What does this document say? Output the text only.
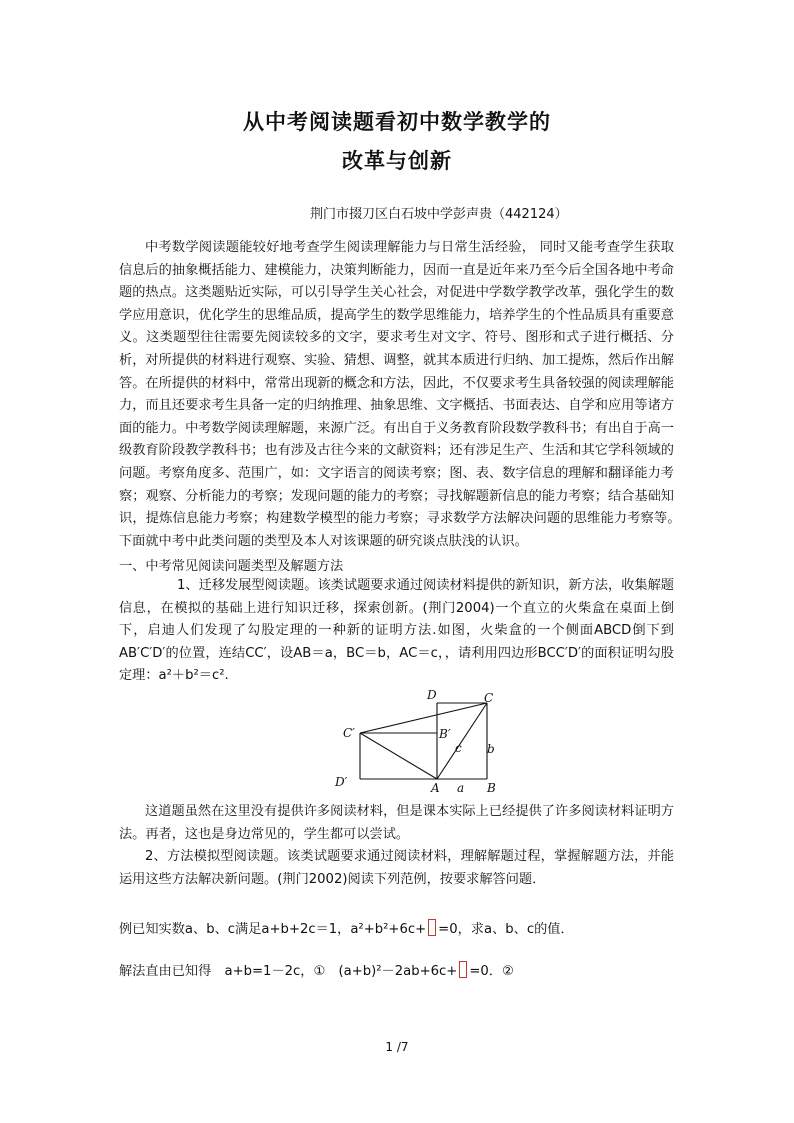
从中考阅读题看初中数学教学的
改革与创新
荆门市掇刀区白石坡中学彭声贵（442124）

中考数学阅读题能较好地考查学生阅读理解能力与日常生活经验， 同时又能考查学生获取信息后的抽象概括能力、建模能力，决策判断能力，因而一直是近年来乃至今后全国各地中考命题的热点。这类题贴近实际，可以引导学生关心社会，对促进中学数学教学改革，强化学生的数学应用意识，优化学生的思维品质，提高学生的数学思维能力，培养学生的个性品质具有重要意义。这类题型往往需要先阅读较多的文字，要求考生对文字、符号、图形和式子进行概括、分析，对所提供的材料进行观察、实验、猜想、调整，就其本质进行归纳、加工提炼，然后作出解答。在所提供的材料中，常常出现新的概念和方法，因此，不仅要求考生具备较强的阅读理解能力，而且还要求考生具备一定的归纳推理、抽象思维、文字概括、书面表达、自学和应用等诸方面的能力。中考数学阅读理解题，来源广泛。有出自于义务教育阶段数学教科书；有出自于高一级教育阶段教学教科书；也有涉及古往今来的文献资料；还有涉足生产、生活和其它学科领域的问题。考察角度多、范围广，如：文字语言的阅读考察；图、表、数字信息的理解和翻译能力考察；观察、分析能力的考察；发现问题的能力的考察；寻找解题新信息的能力考察；结合基础知识，提炼信息能力考察；构建数学模型的能力考察；寻求数学方法解决问题的思维能力考察等。　 下面就中考中此类问题的类型及本人对该课题的研究谈点肤浅的认识。

一、中考常见阅读问题类型及解题方法

1、迁移发展型阅读题。该类试题要求通过阅读材料提供的新知识，新方法，收集解题信息，在模拟的基础上进行知识迁移，探索创新。(荆门2004)一个直立的火柴盒在桌面上倒下，启迪人们发现了勾股定理的一种新的证明方法.如图，火柴盒的一个侧面ABCD倒下到AB′C′D′的位置，连结CC′，设AB＝a，BC＝b，AC＝c，，请利用四边形BCC′D′的面积证明勾股定理：a²＋b²＝c².

D	C
C′	B′
c b
D′	A a B

这道题虽然在这里没有提供许多阅读材料，但是课本实际上已经提供了许多阅读材料证明方法。再者，这也是身边常见的，学生都可以尝试。

2、方法模拟型阅读题。该类试题要求通过阅读材料，理解解题过程，掌握解题方法，并能运用这些方法解决新问题。(荆门2002)阅读下列范例，按要求解答问题．

例已知实数a、b、c满足a+b+2c＝1，a²+b²+6c+ =0，求a、b、c的值．
解法直由已知得　a+b=1－2c，①　(a+b)²－2ab+6c+ =0．②
1 /7
